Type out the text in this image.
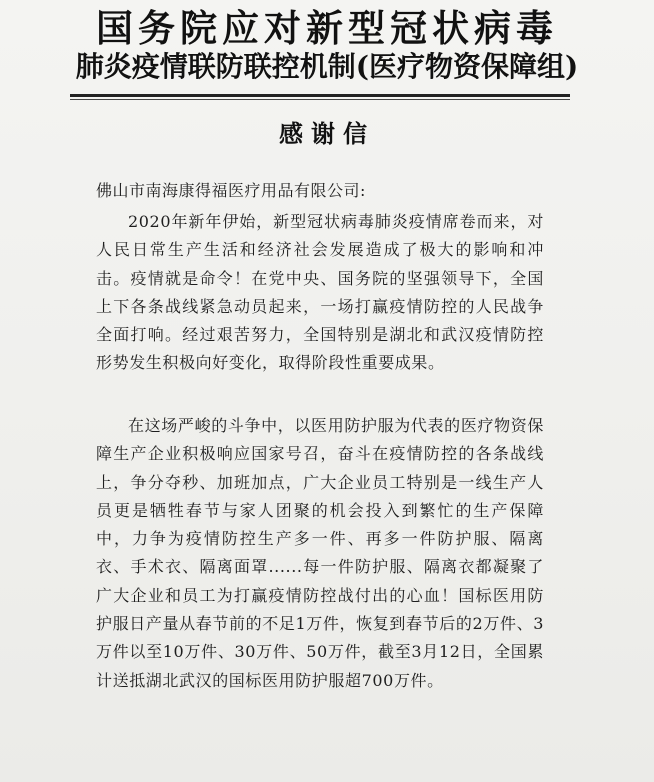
国务院应对新型冠状病毒
肺炎疫情联防联控机制(医疗物资保障组)
感谢信
佛山市南海康得福医疗用品有限公司:

2020年新年伊始，新型冠状病毒肺炎疫情席卷而来，对人民日常生产生活和经济社会发展造成了极大的影响和冲击。疫情就是命令！在党中央、国务院的坚强领导下，全国上下各条战线紧急动员起来，一场打赢疫情防控的人民战争全面打响。经过艰苦努力，全国特别是湖北和武汉疫情防控形势发生积极向好变化，取得阶段性重要成果。

在这场严峻的斗争中，以医用防护服为代表的医疗物资保障生产企业积极响应国家号召，奋斗在疫情防控的各条战线上，争分夺秒、加班加点，广大企业员工特别是一线生产人员更是牺牲春节与家人团聚的机会投入到繁忙的生产保障中，力争为疫情防控生产多一件、再多一件防护服、隔离衣、手术衣、隔离面罩......每一件防护服、隔离衣都凝聚了广大企业和员工为打赢疫情防控战付出的心血！国标医用防护服日产量从春节前的不足1万件，恢复到春节后的2万件、3万件以至10万件、30万件、50万件，截至3月12日，全国累计送抵湖北武汉的国标医用防护服超700万件。
